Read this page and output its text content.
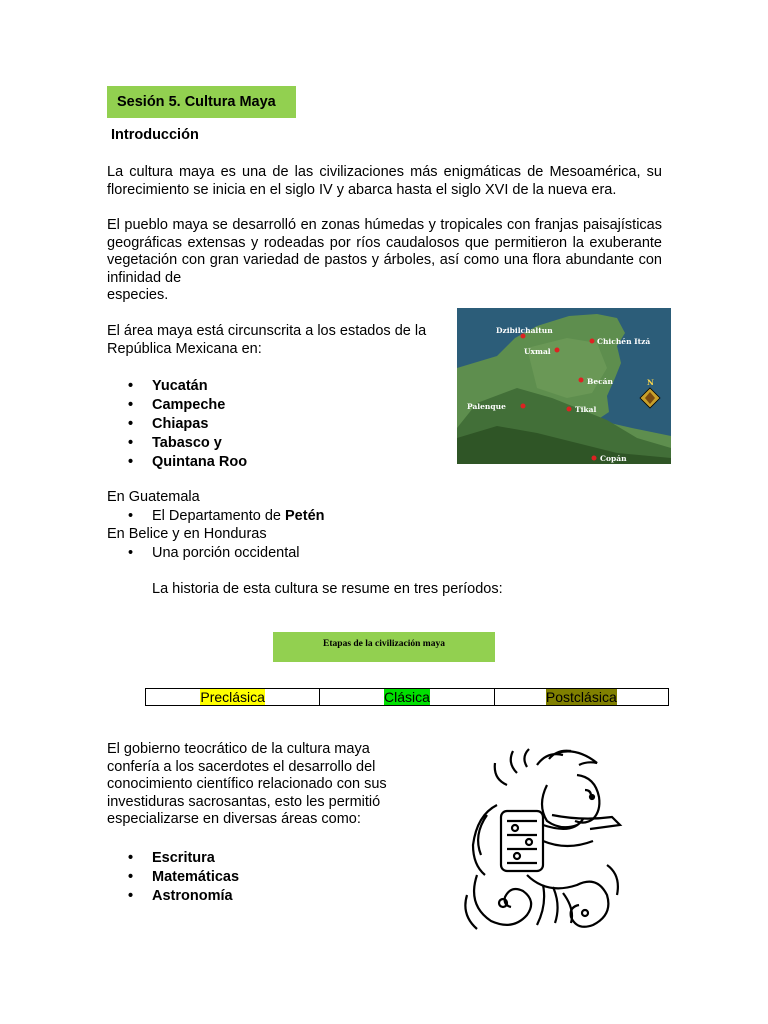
Sesión 5. Cultura Maya
Introducción

La cultura maya es una de las civilizaciones más enigmáticas de Mesoamérica, su florecimiento se inicia en el siglo IV y abarca hasta el siglo XVI de la nueva era.

El pueblo maya se desarrolló en zonas húmedas y tropicales con franjas paisajísticas geográficas extensas y rodeadas por ríos caudalosos que permitieron la exuberante vegetación con gran variedad de pastos y árboles, así como una flora abundante con infinidad de

especies.

El área maya está circunscrita a los estados de la República Mexicana en:

• Yucatán
• Campeche
• Chiapas
• Tabasco y
• Quintana Roo
Dzibilchaltun
Chichén Itzá
Uxmal
Becán
Palenque	Tikal
Copán
N
En Guatemala
• El Departamento de Petén
En Belice y en Honduras
• Una porción occidental
La historia de esta cultura se resume en tres períodos:
Etapas de la civilización maya
Preclásica	Clásica	Postclásica

El gobierno teocrático de la cultura maya confería a los sacerdotes el desarrollo del conocimiento científico relacionado con sus investiduras sacrosantas, esto les permitió especializarse en diversas áreas como:

• Escritura
• Matemáticas
• Astronomía
